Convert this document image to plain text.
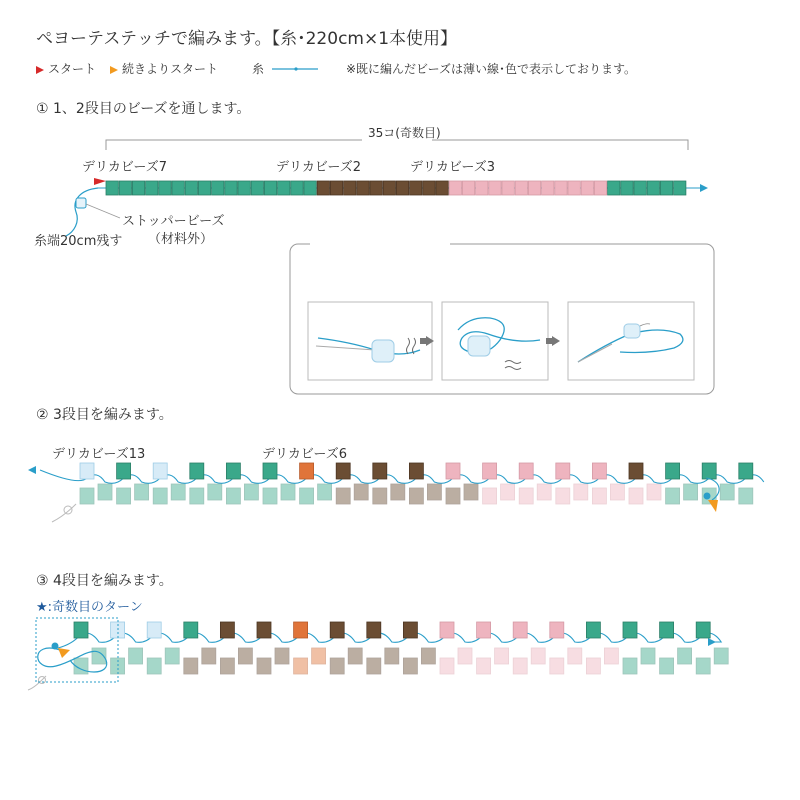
ペヨーテステッチで編みます。【糸･220cm×1本使用】
スタート	続きよりスタート	糸	※既に編んだビーズは薄い線･色で表示しております。
① 1、2段目のビーズを通します。
35コ(奇数目)
デリカビーズ7	デリカビーズ2	デリカビーズ3
ストッパービーズ
（材料外）
糸端20cm残す
② 3段目を編みます。
デリカビーズ13	デリカビーズ6
③ 4段目を編みます。
★:奇数目のターン
